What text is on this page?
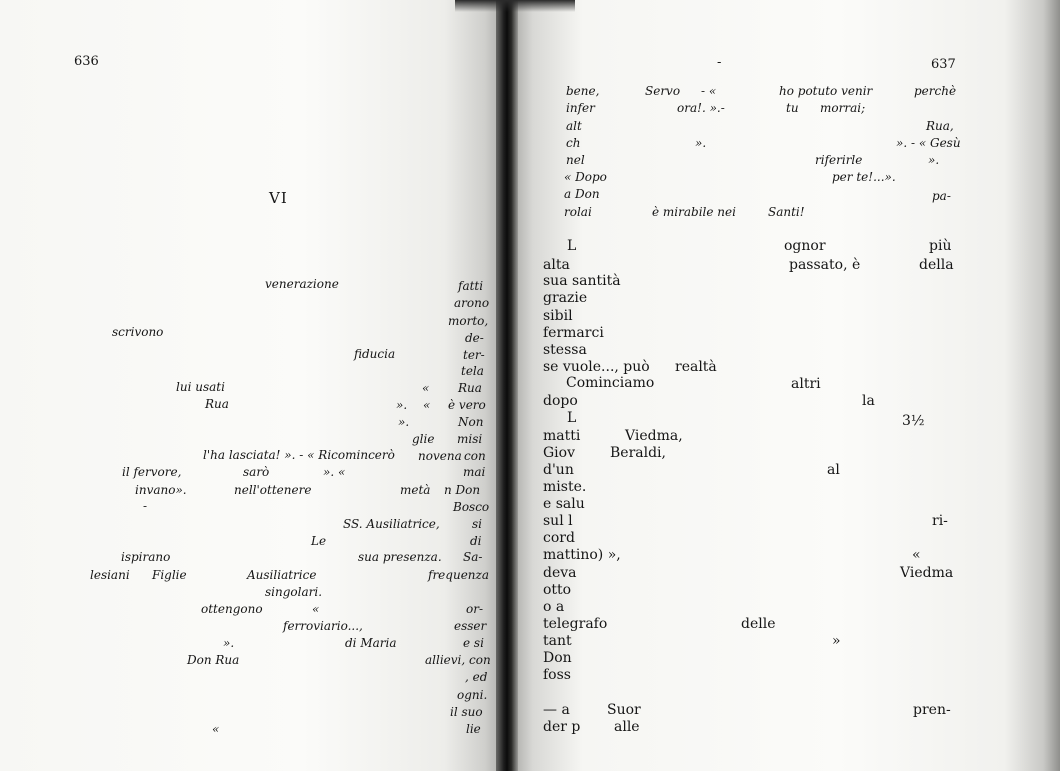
636	637
-
VI
venerazione	fatti
arono
morto,
scrivono	de-
fiducia	ter-
tela
lui usati	« Rua
Rua	». « è vero
».	Non
glie misi
l'ha lasciata! ». - « Ricomincerò novena con
il fervore,	sarò	». «	mai
invano».	nell'ottenere	metà n Don
-	Bosco
SS. Ausiliatrice,	si
Le	di
ispirano	sua presenza. Sa-
lesiani Figlie	Ausiliatrice	frequenza
singolari.
ottengono	«	or-
ferroviario...,	esser
».	di Maria	e si
Don Rua	allievi, con
, ed
ogni.
il suo
«	lie
bene,	Servo - «	ho potuto venir	perchè
infer	ora!. ».-	tu morrai;
alt	Rua,
ch	».	». - « Gesù
nel	riferirle	».
« Dopo	per te!...».
a Don	pa-
rolai	è mirabile nei	Santi!
L	ognor	più
alta	passato, è	della
sua santità
grazie
sibil
fermarci
stessa
se vuole..., può realtà
Cominciamo	altri
dopo	la
L	3½
matti	Viedma,
Giov	Beraldi,
d'un	al
miste.
e salu
sul l	ri-
cord
mattino) »,	«
deva	Viedma
otto
o a
telegrafo	delle
tant	»
Don
foss
— a	Suor	pren-
der p alle
